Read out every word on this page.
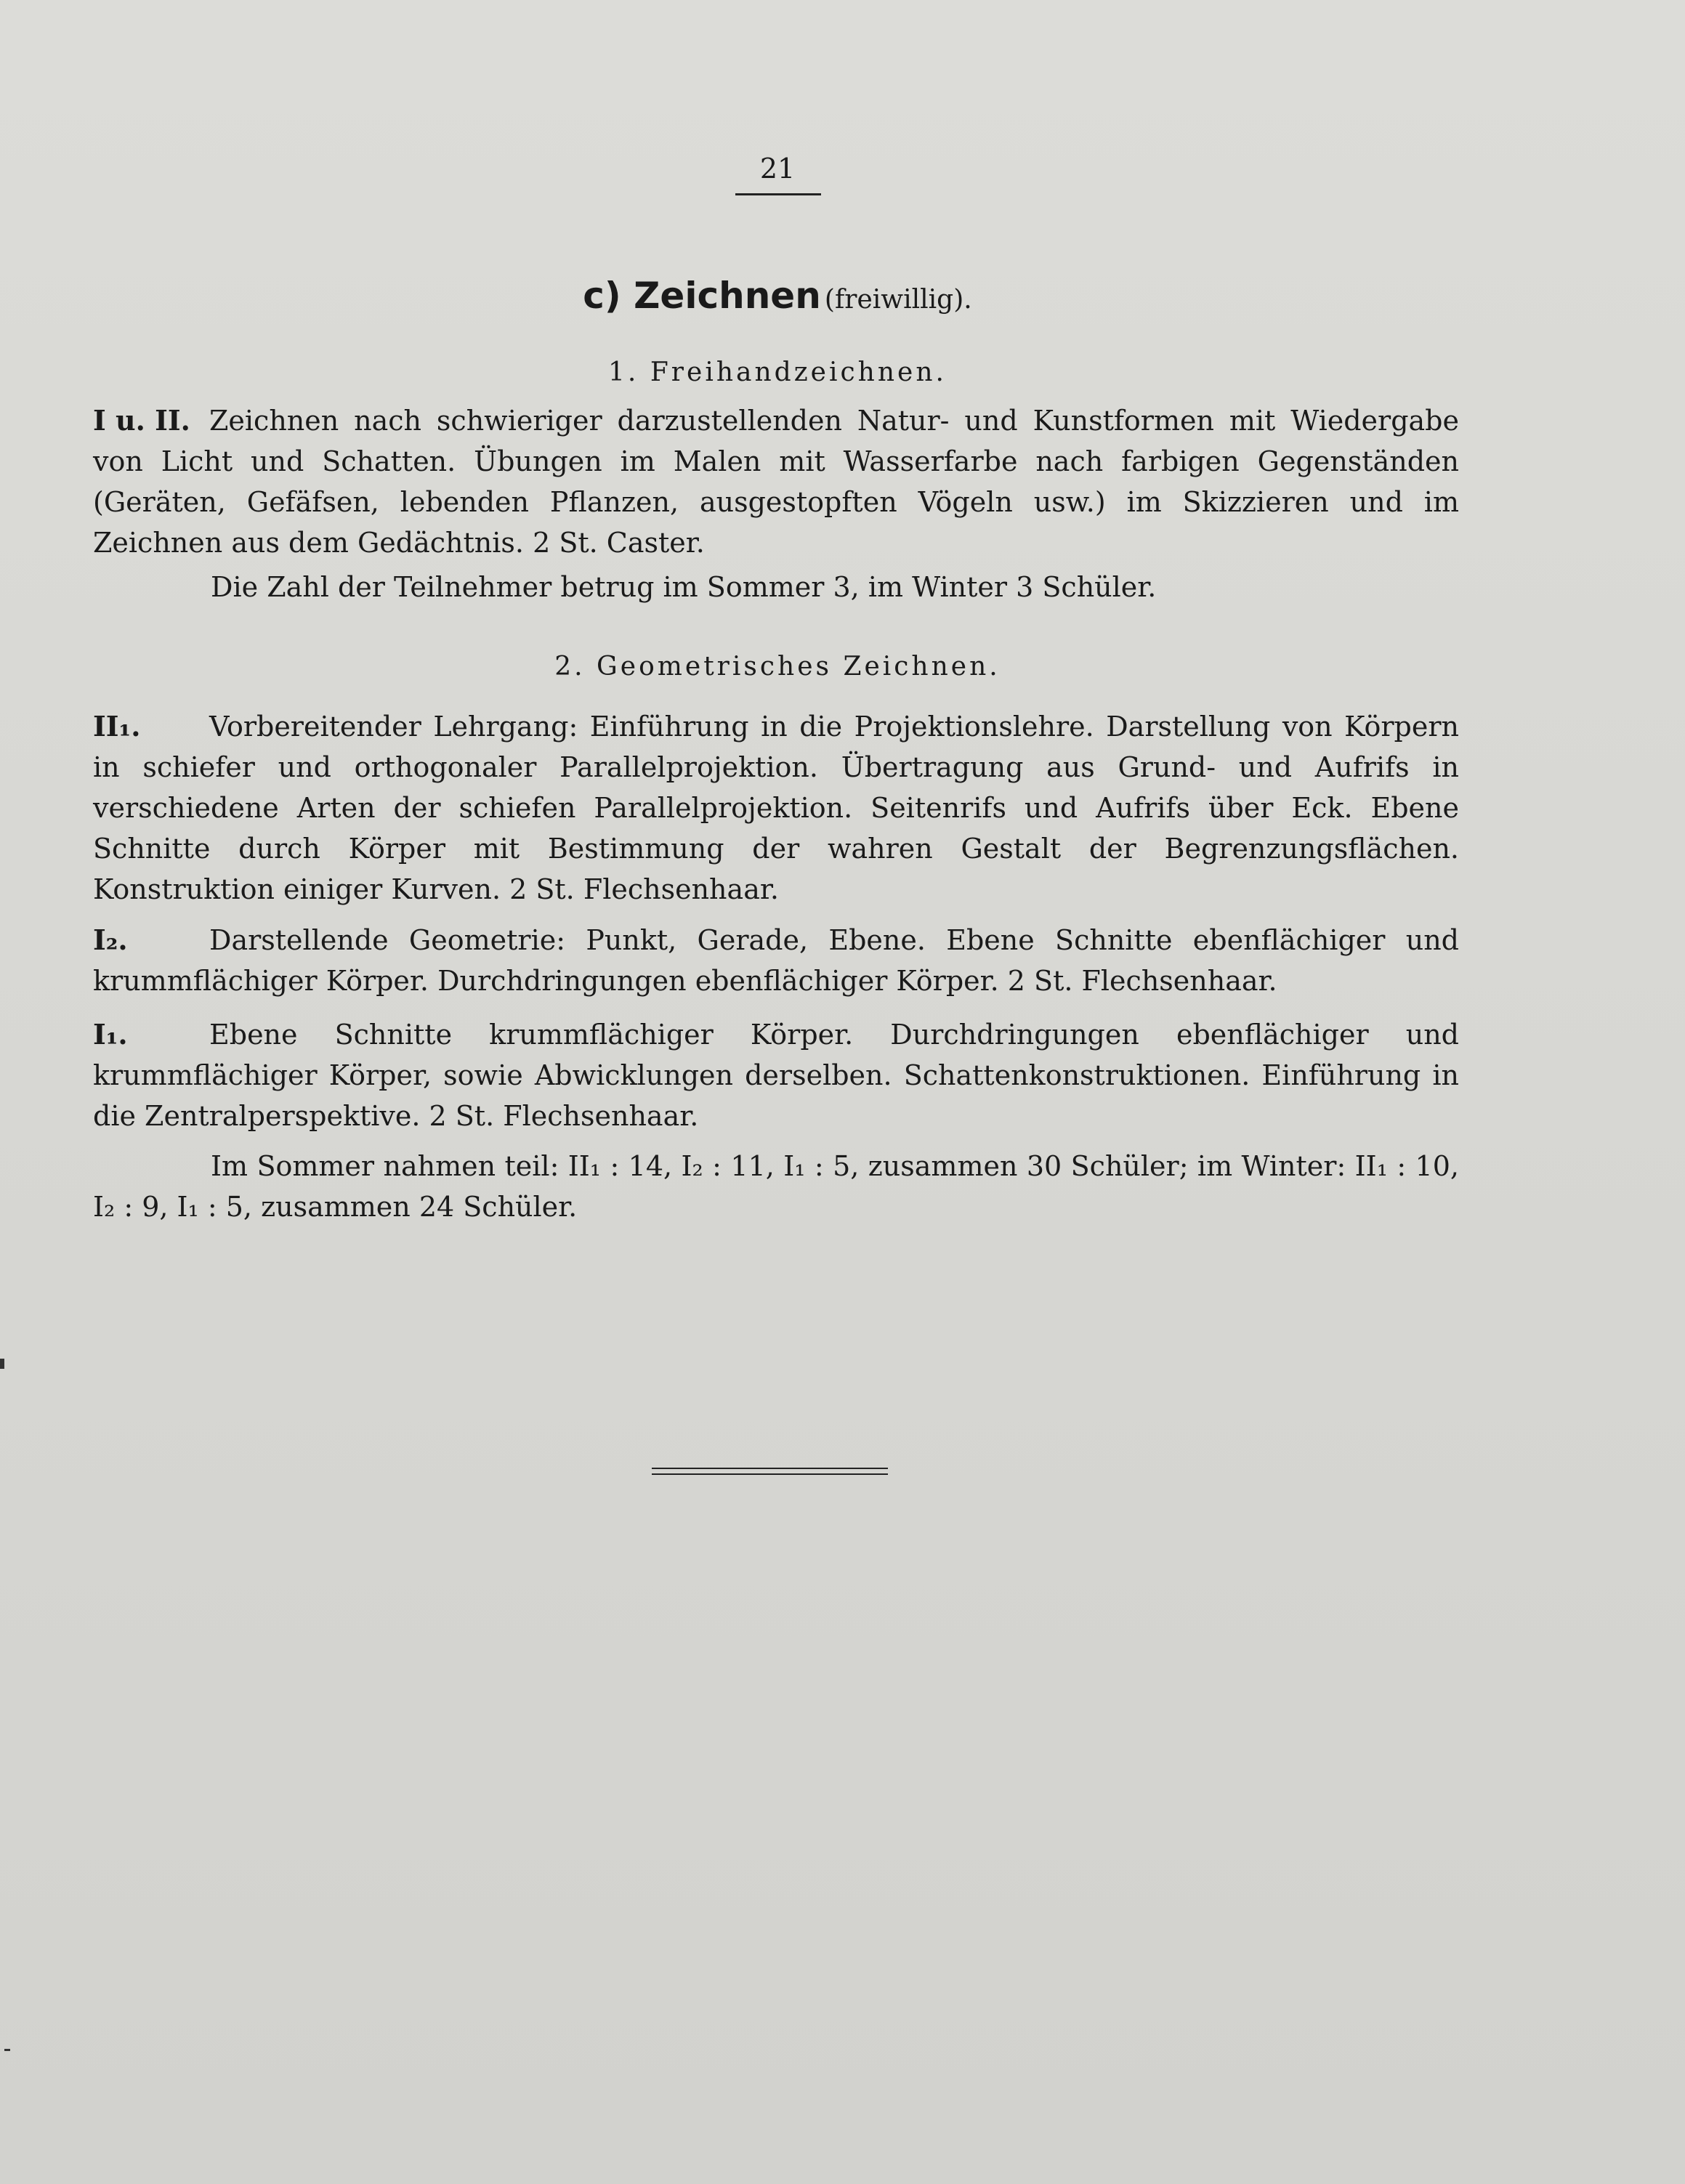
21
c) Zeichnen (freiwillig).
1. Freihandzeichnen.
I u. II. Zeichnen nach schwieriger darzustellenden Natur- und Kunstformen mit Wiedergabe von Licht und Schatten. Übungen im Malen mit Wasserfarbe nach farbigen Gegenständen (Geräten, Gefäfsen, lebenden Pflanzen, ausgestopften Vögeln usw.) im Skizzieren und im Zeichnen aus dem Gedächtnis. 2 St. Caster.
Die Zahl der Teilnehmer betrug im Sommer 3, im Winter 3 Schüler.
2. Geometrisches Zeichnen.
II₁. Vorbereitender Lehrgang: Einführung in die Projektionslehre. Darstellung von Körpern in schiefer und orthogonaler Parallelprojektion. Übertragung aus Grund- und Aufrifs in verschiedene Arten der schiefen Parallelprojektion. Seitenrifs und Aufrifs über Eck. Ebene Schnitte durch Körper mit Bestimmung der wahren Gestalt der Begrenzungsflächen. Konstruktion einiger Kurven. 2 St. Flechsenhaar.
I₂.	Darstellende Geometrie: Punkt, Gerade, Ebene. Ebene Schnitte ebenflächiger und krummflächiger Körper. Durchdringungen ebenflächiger Körper. 2 St. Flechsenhaar.
I₁.	Ebene Schnitte krummflächiger Körper. Durchdringungen ebenflächiger und krummflächiger Körper, sowie Abwicklungen derselben. Schattenkonstruktionen. Einführung in die Zentralperspektive. 2 St. Flechsenhaar.
Im Sommer nahmen teil: II₁ : 14, I₂ : 11, I₁ : 5, zusammen 30 Schüler; im Winter: II₁ : 10, I₂ : 9, I₁ : 5, zusammen 24 Schüler.
